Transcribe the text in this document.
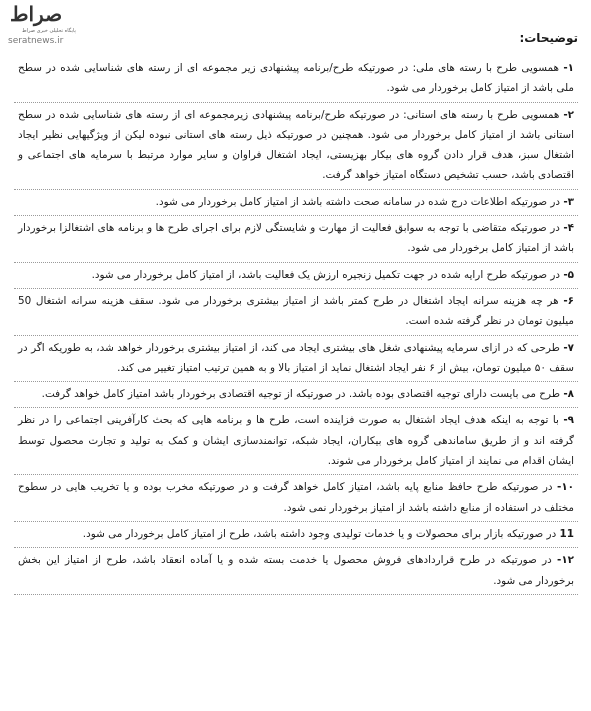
صراط
پایگاه تحلیلی خبری صراط
seratnews.ir	توضیحات:
۱- همسویی طرح با رسته های ملی: در صورتیکه طرح/برنامه پیشنهادی زیر مجموعه ای از رسته های شناسایی شده در سطح ملی باشد از امتیاز کامل برخوردار می شود.
۲- همسویی طرح با رسته های استانی: در صورتیکه طرح/برنامه پیشنهادی زیرمجموعه ای از رسته های شناسایی شده در سطح استانی باشد از امتیاز کامل برخوردار می شود. همچنین در صورتیکه ذیل رسته های استانی نبوده لیکن از ویژگیهایی نظیر ایجاد اشتغال سبز، هدف قرار دادن گروه های بیکار بهزیستی، ایجاد اشتغال فراوان و سایر موارد مرتبط با سرمایه های اجتماعی و اقتصادی باشد، حسب تشخیص دستگاه امتیاز خواهد گرفت.
۳- در صورتیکه اطلاعات درج شده در سامانه صحت داشته باشد از امتیاز کامل برخوردار می شود.
۴- در صورتیکه متقاضی با توجه به سوابق فعالیت از مهارت و شایستگی لازم برای اجرای طرح ها و برنامه های اشتغالزا برخوردار باشد از امتیاز کامل برخوردار می شود.
۵- در صورتیکه طرح ارایه شده در جهت تکمیل زنجیره ارزش یک فعالیت باشد، از امتیاز کامل برخوردار می شود.
۶- هر چه هزینه سرانه ایجاد اشتغال در طرح کمتر باشد از امتیاز بیشتری برخوردار می شود. سقف هزینه سرانه اشتغال 50 میلیون تومان در نظر گرفته شده است.
۷- طرحی که در ازای سرمایه پیشنهادی شغل های بیشتری ایجاد می کند، از امتیاز بیشتری برخوردار خواهد شد، به طوریکه اگر در سقف ۵۰ میلیون تومان، بیش از ۶ نفر ایجاد اشتغال نماید از امتیاز بالا و به همین ترتیب امتیاز تغییر می کند.
۸- طرح می بایست دارای توجیه اقتصادی بوده باشد. در صورتیکه از توجیه اقتصادی برخوردار باشد امتیاز کامل خواهد گرفت.
۹- با توجه به اینکه هدف ایجاد اشتغال به صورت فزاینده است، طرح ها و برنامه هایی که بحث کارآفرینی اجتماعی را در نظر گرفته اند و از طریق ساماندهی گروه های بیکاران، ایجاد شبکه، توانمندسازی ایشان و کمک به تولید و تجارت محصول توسط ایشان اقدام می نمایند از امتیاز کامل برخوردار می شوند.
۱۰- در صورتیکه طرح حافظ منابع پایه باشد، امتیاز کامل خواهد گرفت و در صورتیکه مخرب بوده و یا تخریب هایی در سطوح مختلف در استفاده از منابع داشته باشد از امتیاز برخوردار نمی شود.
11 در صورتیکه بازار برای محصولات و یا خدمات تولیدی وجود داشته باشد، طرح از امتیاز کامل برخوردار می شود.
۱۲- در صورتیکه در طرح قراردادهای فروش محصول یا خدمت بسته شده و یا آماده انعقاد باشد، طرح از امتیاز این بخش برخوردار می شود.
